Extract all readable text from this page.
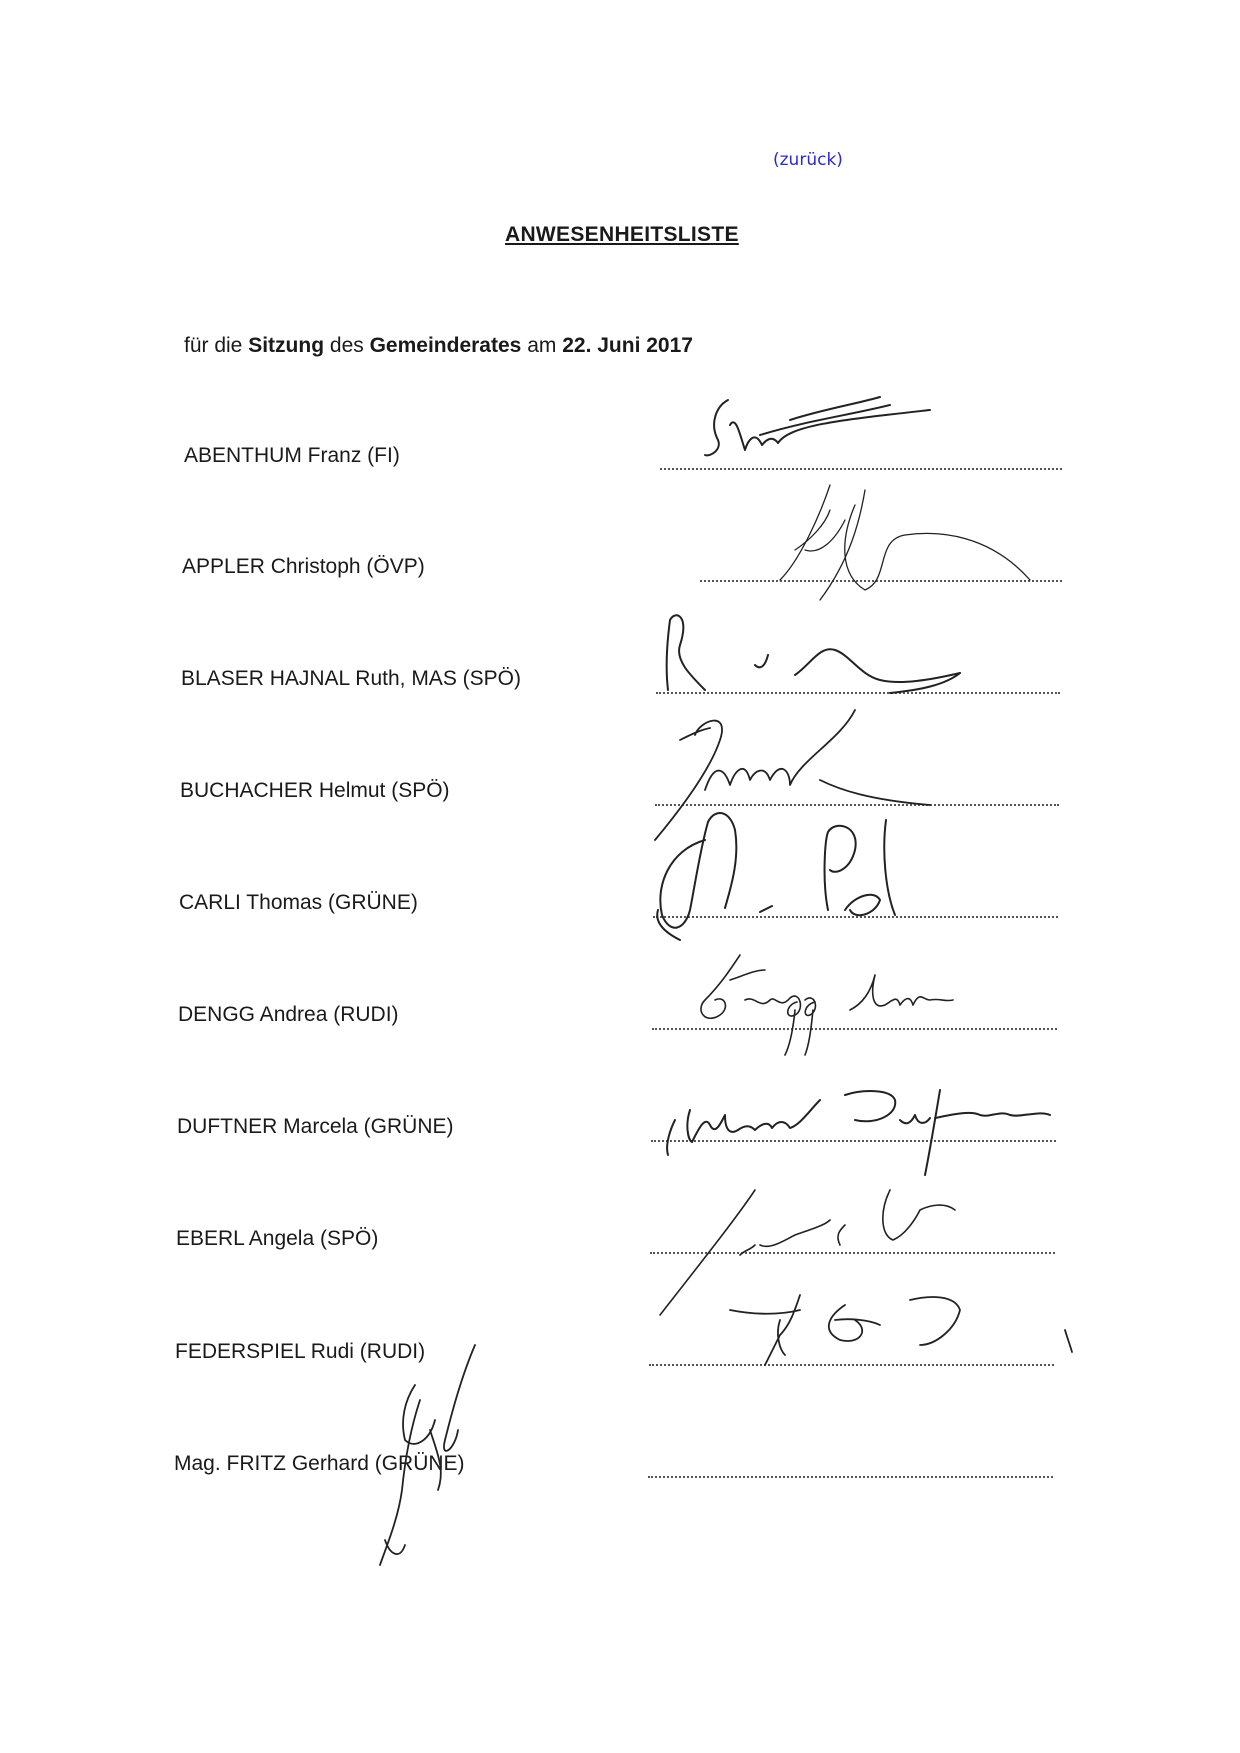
(zurück)
ANWESENHEITSLISTE
für die Sitzung des Gemeinderates am 22. Juni 2017
ABENTHUM Franz (FI)
APPLER Christoph (ÖVP)
BLASER HAJNAL Ruth, MAS (SPÖ)
BUCHACHER Helmut (SPÖ)
CARLI Thomas (GRÜNE)
DENGG Andrea (RUDI)
DUFTNER Marcela (GRÜNE)
EBERL Angela (SPÖ)
FEDERSPIEL Rudi (RUDI)
Mag. FRITZ Gerhard (GRÜNE)
